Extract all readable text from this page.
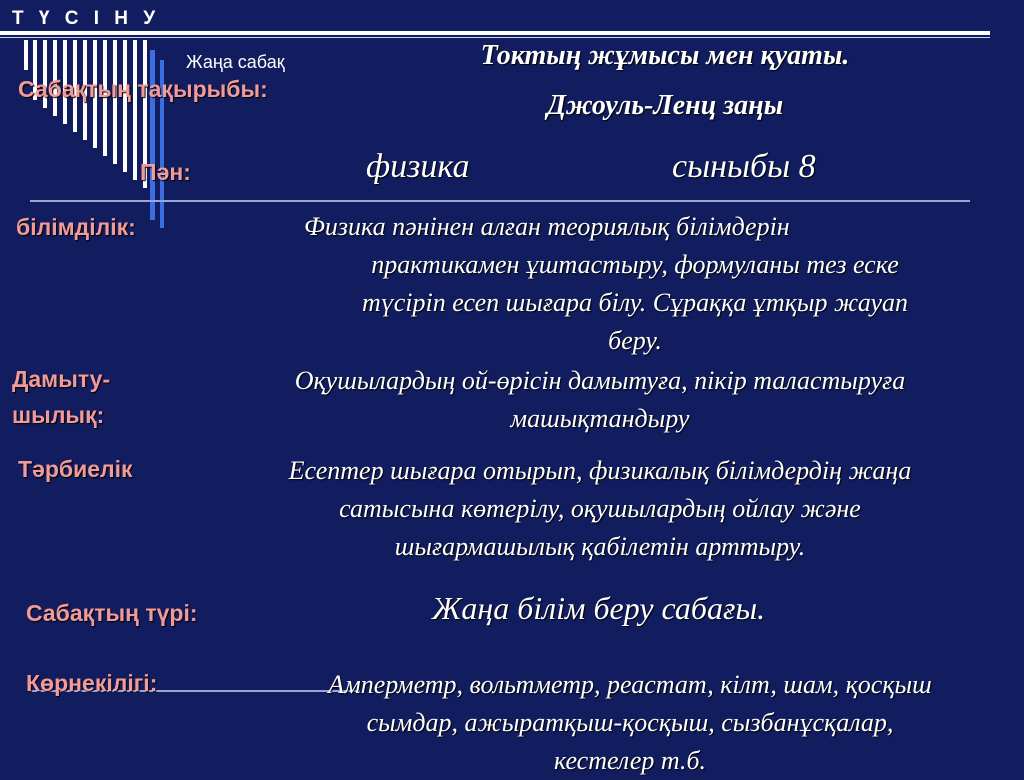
Т Ү С І Н У
Жаңа сабақ
Сабақтың тақырыбы:
Токтың жұмысы мен қуаты.
Джоуль-Ленц заңы
Пән:	физика	сыныбы 8
білімділік:	Физика пәнінен алған теориялық білімдерін
практикамен ұштастыру, формуланы тез еске
түсіріп есеп шығара білу. Сұраққа ұтқыр жауап
беру.
Дамыту-
шылық:
Оқушылардың ой-өрісін дамытуға, пікір таластыруға
машықтандыру
Тәрбиелік	Есептер шығара отырып, физикалық білімдердің жаңа
сатысына көтерілу, оқушылардың ойлау және
шығармашылық қабілетін арттыру.
Сабақтың түрі:	Жаңа білім беру сабағы.
Көрнекілігі:	Амперметр, вольтметр, реастат, кілт, шам, қосқыш
сымдар, ажыратқыш-қосқыш, сызбанұсқалар,
кестелер т.б.
